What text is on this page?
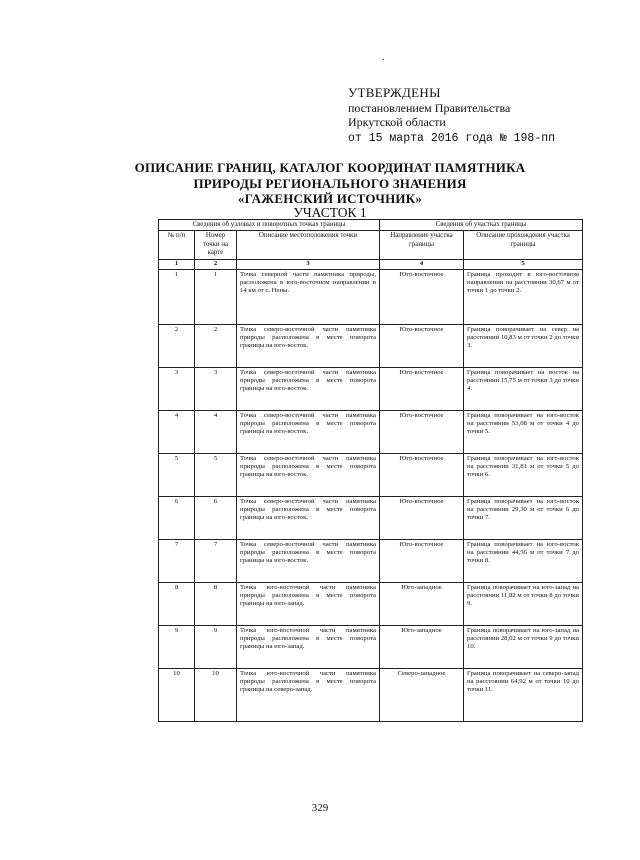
.
УТВЕРЖДЕНЫ
постановлением Правительства
Иркутской области
от 15 марта 2016 года № 198-пп
ОПИСАНИЕ ГРАНИЦ, КАТАЛОГ КООРДИНАТ ПАМЯТНИКА
ПРИРОДЫ РЕГИОНАЛЬНОГО ЗНАЧЕНИЯ
«ГАЖЕНСКИЙ ИСТОЧНИК»
УЧАСТОК 1
Сведения об узловых и поворотных точках границы			Сведения об участках границы	
№ п/п	Номер точки на карте	Описание местоположения точки	Направление участка границы	Описание прохождения участка границы
1	2	3	4	5
1	1	Точка северной части памятника природы, расположена в юго-восточном направлении в 14 км от с. Нены.	Юго-восточное	Граница проходит в юго-восточном направлении на расстоянии 30,67 м от точки 1 до точки 2.
2	2	Точка северо-восточной части памятника природы расположена в месте поворота границы на юго-восток.	Юго-восточное	Граница поворачивает на север на расстоянии 10,83 м от точки 2 до точки 3.
3	3	Точка северо-восточной части памятника природы расположена в месте поворота границы на юго-восток.	Юго-восточное	Граница поворачивает на восток на расстоянии 15,75 м от точки 3 до точки 4.
4	4	Точка северо-восточной части памятника природы расположена в месте поворота границы на юго-восток.	Юго-восточное	Граница поворачивает на юго-восток на расстоянии 53,08 м от точки 4 до точки 5.
5	5	Точка северо-восточной части памятника природы расположена в месте поворота границы на юго-восток.	Юго-восточное	Граница поворачивает на юго-восток на расстоянии 31,81 м от точки 5 до точки 6.
6	6	Точка северо-восточной части памятника природы расположена в месте поворота границы на юго-восток.	Юго-восточное	Граница поворачивает на юго-восток на расстоянии 29,30 м от точки 6 до точки 7.
7	7	Точка северо-восточной части памятника природы расположена в месте поворота границы на юго-восток.	Юго-восточное	Граница поворачивает на юго-восток на расстоянии 44,56 м от точки 7 до точки 8.
8	8	Точка юго-восточной части памятника природы расположена в месте поворота границы на юго-запад.	Юго-западное	Граница поворачивает на юго-запад на расстоянии 11,82 м от точки 8 до точки 9.
9	9	Точка юго-восточной части памятника природы расположена в месте поворота границы на юго-запад.	Юго-западное	Граница поворачивает на юго-запад на расстоянии 28,02 м от точки 9 до точки 10.
10	10	Точка юго-восточной части памятника природы расположена в месте поворота границы на северо-запад.	Северо-западное	Граница поворачивает на северо-запад на расстоянии 64,92 м от точки 10 до точки 11.
329
